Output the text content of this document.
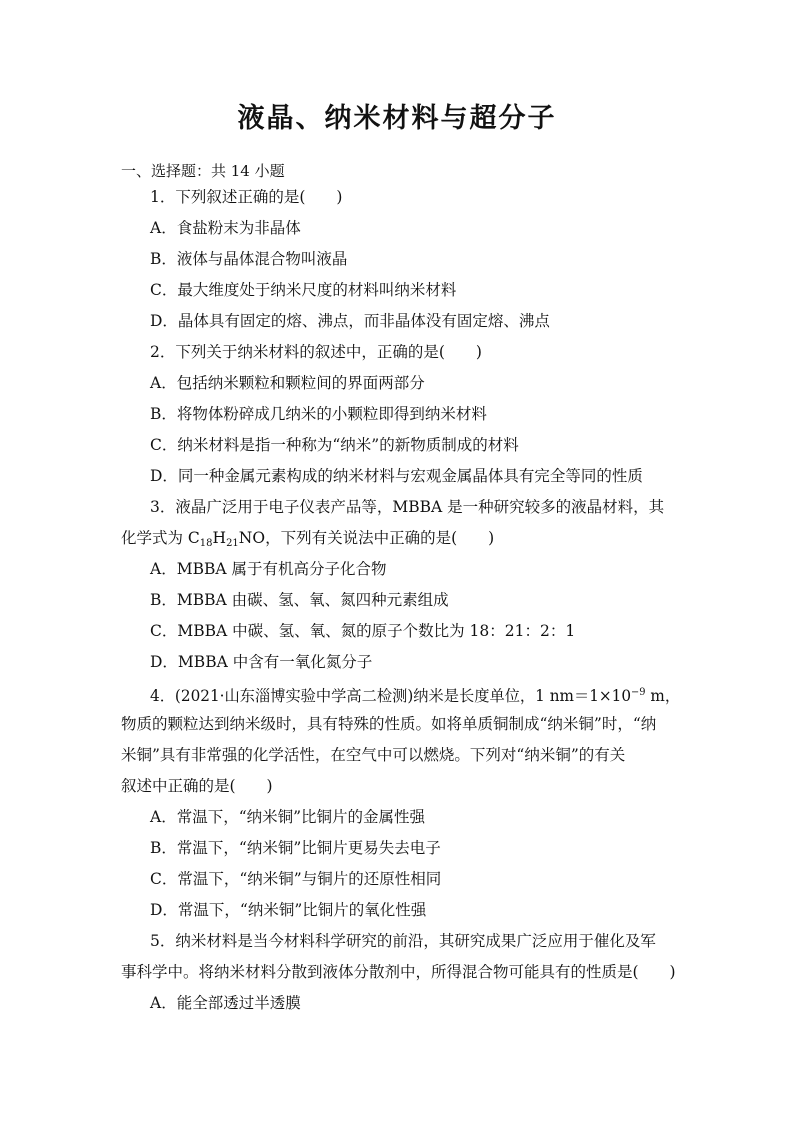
液晶、纳米材料与超分子
一、选择题：共 14 小题
1．下列叙述正确的是(　　)
A．食盐粉末为非晶体
B．液体与晶体混合物叫液晶
C．最大维度处于纳米尺度的材料叫纳米材料
D．晶体具有固定的熔、沸点，而非晶体没有固定熔、沸点
2．下列关于纳米材料的叙述中，正确的是(　　)
A．包括纳米颗粒和颗粒间的界面两部分
B．将物体粉碎成几纳米的小颗粒即得到纳米材料
C．纳米材料是指一种称为“纳米”的新物质制成的材料
D．同一种金属元素构成的纳米材料与宏观金属晶体具有完全等同的性质
3．液晶广泛用于电子仪表产品等，MBBA 是一种研究较多的液晶材料，其
化学式为 $C_{18}H_{21}NO$，下列有关说法中正确的是(　　)
A．MBBA 属于有机高分子化合物
B．MBBA 由碳、氢、氧、氮四种元素组成
C．MBBA 中碳、氢、氧、氮的原子个数比为 18：21：2：1
D．MBBA 中含有一氧化氮分子
4．(2021·山东淄博实验中学高二检测)纳米是长度单位，1 $nm=1\times 10^{-9}$ m，
物质的颗粒达到纳米级时，具有特殊的性质。如将单质铜制成“纳米铜”时，“纳
米铜”具有非常强的化学活性，在空气中可以燃烧。下列对“纳米铜”的有关
叙述中正确的是(　　)
A．常温下，“纳米铜”比铜片的金属性强
B．常温下，“纳米铜”比铜片更易失去电子
C．常温下，“纳米铜”与铜片的还原性相同
D．常温下，“纳米铜”比铜片的氧化性强
5．纳米材料是当今材料科学研究的前沿，其研究成果广泛应用于催化及军
事科学中。将纳米材料分散到液体分散剂中，所得混合物可能具有的性质是(　　)
A．能全部透过半透膜
